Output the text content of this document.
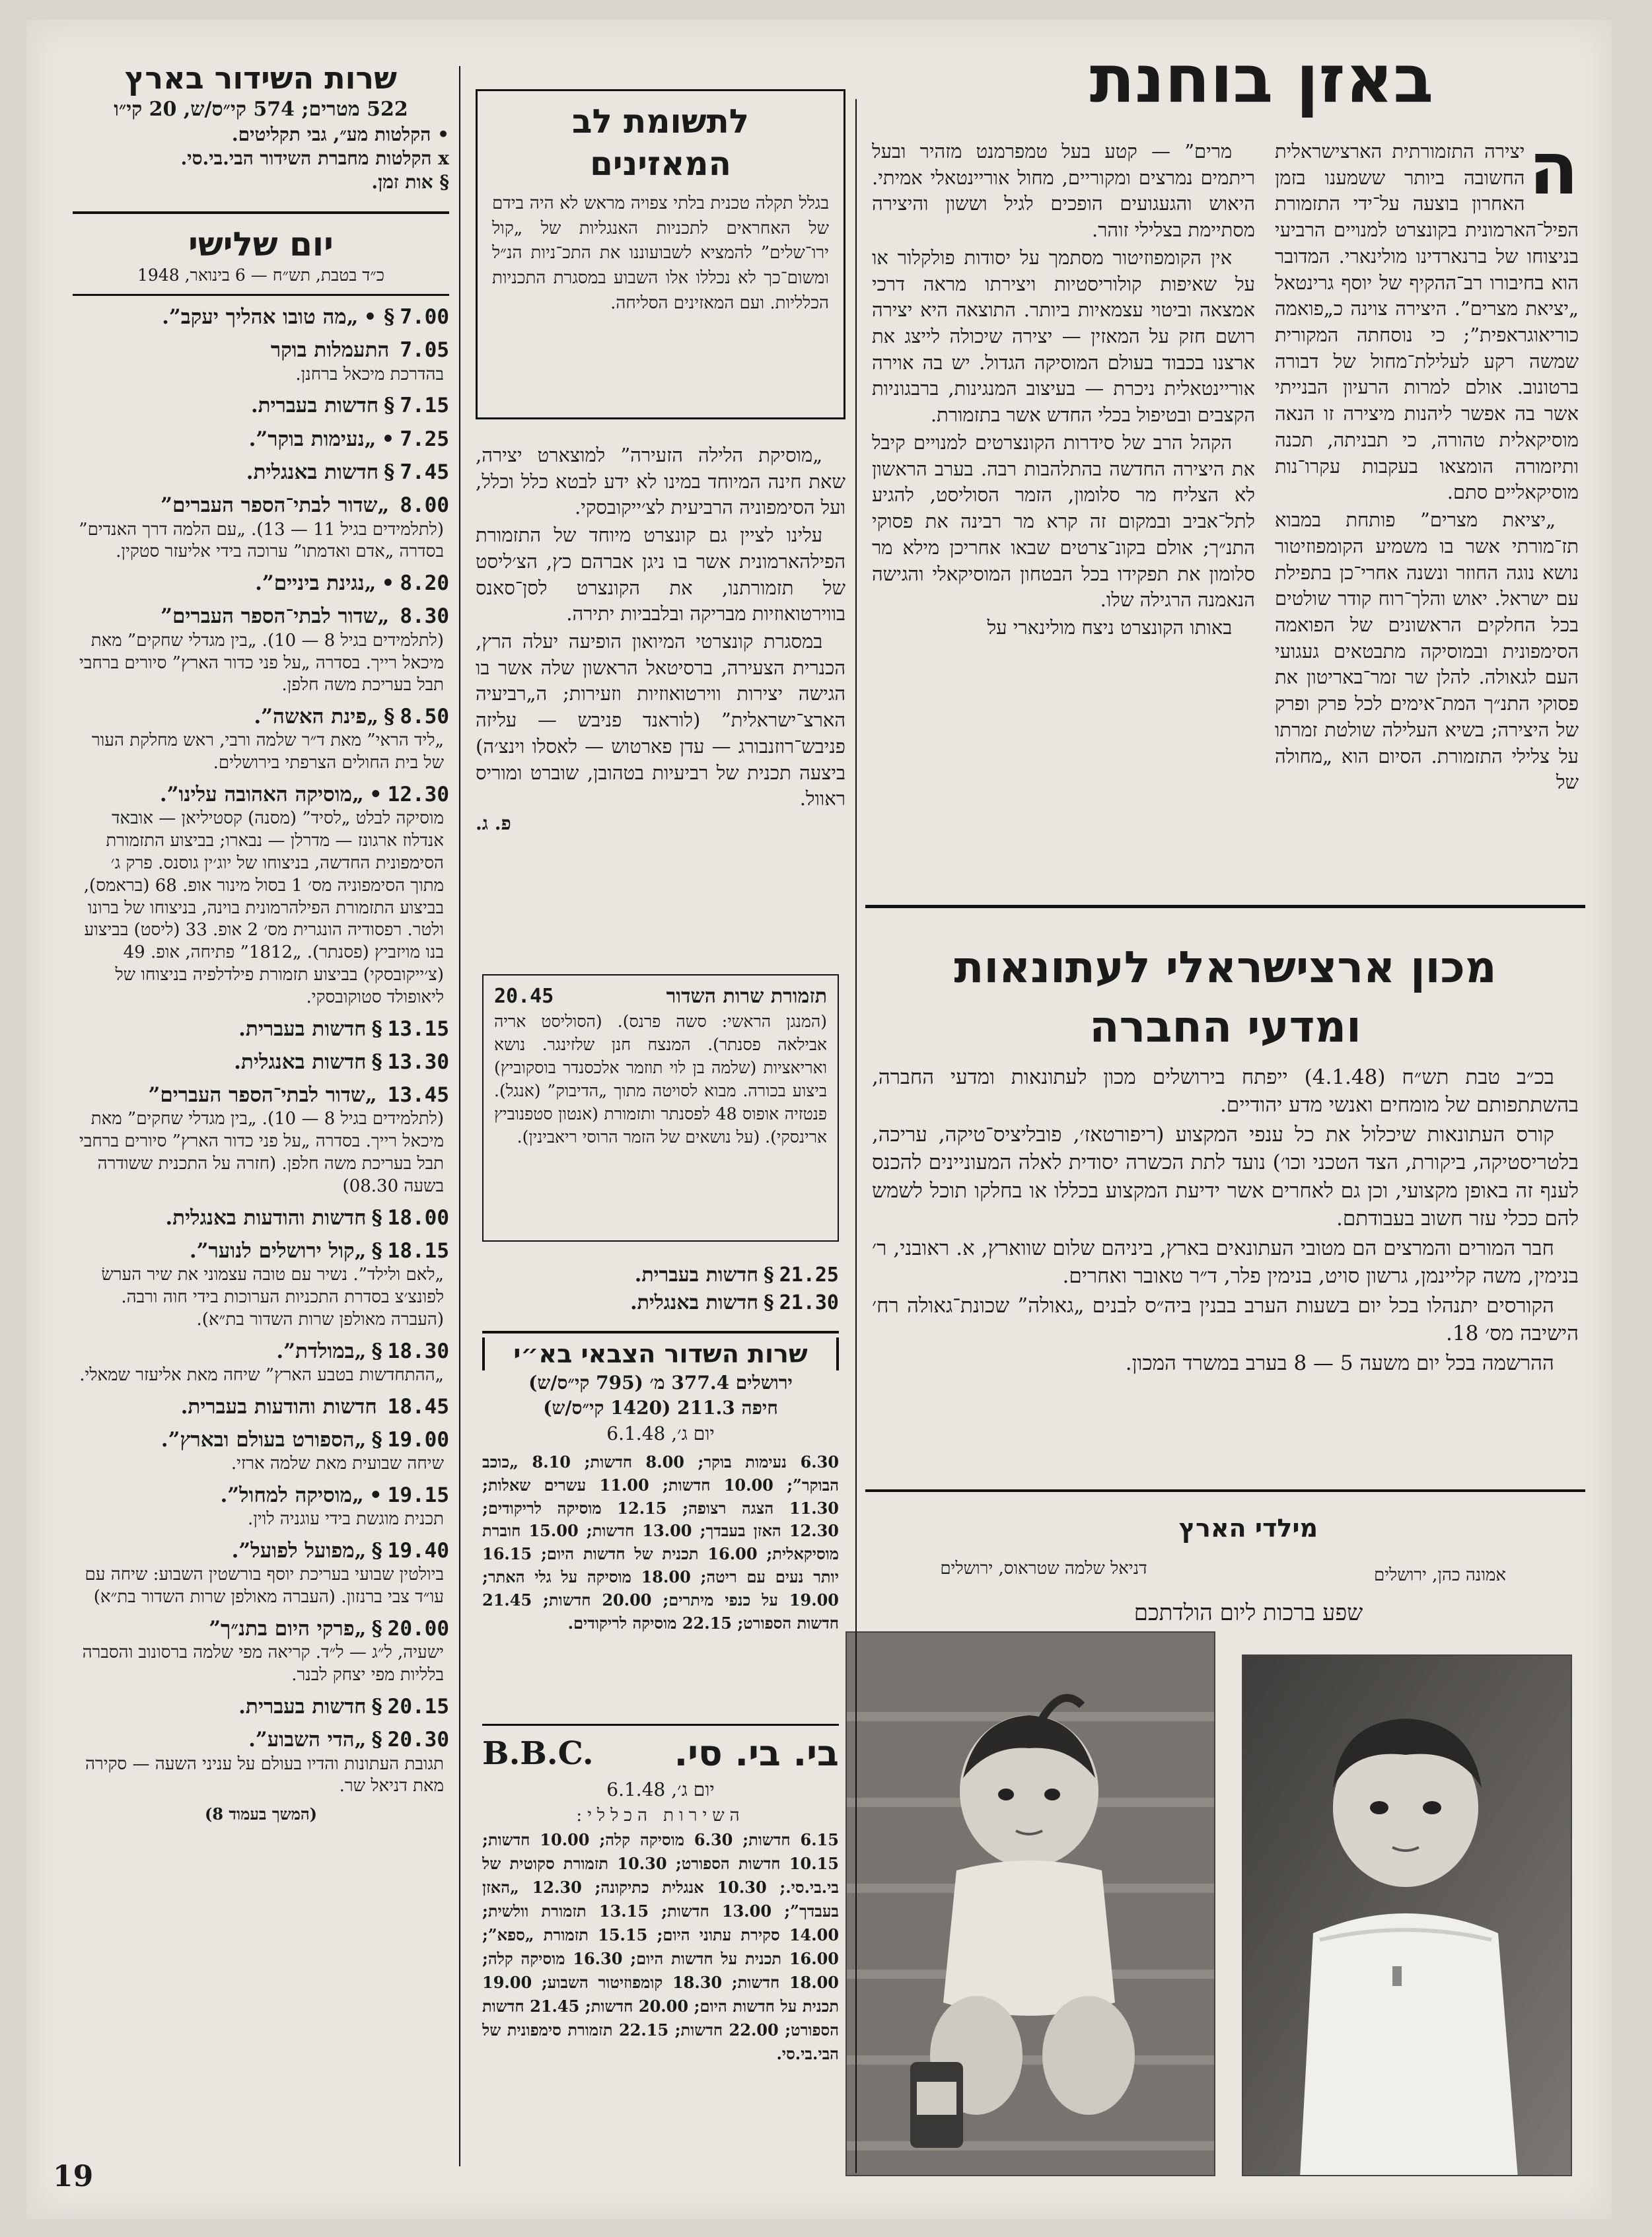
באזן בוחנת
ה
יצירה התזמורתית הארצישראלית החשובה ביותר ששמענו בזמן האחרון בוצעה על־ידי התזמורת הפיל־הארמונית בקונצרט למנויים הרביעי בניצוחו של ברנארדינו מולינארי. המדובר הוא בחיבורו רב־ההקיף של יוסף גרינטאל „יציאת מצרים”. היצירה צוינה כ„פואמה כוריאוגראפית”; כי נוסחתה המקורית שמשה רקע לעלילת־מחול של דבורה ברטונוב. אולם למרות הרעיון הבנייתי אשר בה אפשר ליהנות מיצירה זו הנאה מוסיקאלית טהורה, כי תבניתה, תכנה ותיזמורה הומצאו בעקבות עקרו־נות מוסיקאליים סתם.
„יציאת מצרים” פותחת במבוא תז־מורתי אשר בו משמיע הקומפוזיטור נושא נוגה החוזר ונשנה אחרי־כן בתפילת עם ישראל. יאוש והלך־רוח קודר שולטים בכל החלקים הראשונים של הפואמה הסימפונית ובמוסיקה מתבטאים געגועי העם לגאולה. להלן שר זמר־באריטון את פסוקי התנ״ך המת־אימים לכל פרק ופרק של היצירה; בשיא העלילה שולטת זמרתו על צלילי התזמורת. הסיום הוא „מחולה של
מרים” — קטע בעל טמפרמנט מזהיר ובעל ריתמים נמרצים ומקוריים, מחול אוריינטאלי אמיתי. היאוש והגעגועים הופכים לגיל וששון והיצירה מסתיימת בצלילי זוהר.
אין הקומפוזיטור מסתמך על יסודות פולקלור או על שאיפות קולוריסטיות ויצירתו מראה דרכי אמצאה וביטוי עצמאיות ביותר. התוצאה היא יצירה רושם חזק על המאזין — יצירה שיכולה לייצג את ארצנו בכבוד בעולם המוסיקה הגדול. יש בה אוירה אוריינטאלית ניכרת — בעיצוב המנגינות, ברבגוניות הקצבים ובטיפול בכלי החדש אשר בתזמורת.
הקהל הרב של סידרות הקונצרטים למנויים קיבל את היצירה החדשה בהתלהבות רבה. בערב הראשון לא הצליח מר סלומון, הזמר הסוליסט, להגיע לתל־אביב ובמקום זה קרא מר רבינה את פסוקי התנ״ך; אולם בקונ־צרטים שבאו אחריכן מילא מר סלומון את תפקידו בכל הבטחון המוסיקאלי והגישה הנאמנה הרגילה שלו.
באותו הקונצרט ניצח מולינארי על
לתשומת לב
המאזינים
בגלל תקלה טכנית בלתי צפויה מראש לא היה בידם של האחראים לתכניות האנגליות של „קול ירו־שלים” להמציא לשבועוננו את התכ־ניות הנ״ל ומשום־כך לא נכללו אלו השבוע במסגרת התכניות הכלליות. ועם המאזינים הסליחה.
„מוסיקת הלילה הזעירה” למוצארט יצירה, שאת חינה המיוחד במינו לא ידע לבטא כלל וכלל, ועל הסימפוניה הרביעית לצ׳ייקובסקי.
עלינו לציין גם קונצרט מיוחד של התזמורת הפילהארמונית אשר בו ניגן אברהם כץ, הצ׳ליסט של תזמורתנו, את הקונצרט לסן־סאנס בווירטואוזיות מבריקה ובלבביות יתירה.
במסגרת קונצרטי המיואון הופיעה יעלה הרץ, הכנרית הצעירה, ברסיטאל הראשון שלה אשר בו הגישה יצירות ווירטואוזיות וזעירות; ה„רביעיה הארצ־ישראלית” (לוראנד פניבש — עליזה פניבש־רוזנבורג — עדן פארטוש — לאסלו וינצ׳ה) ביצעה תכנית של רביעיות בטהובן, שוברט ומוריס ראוול.
פ. ג.
מכון ארצישראלי לעתונאות
ומדעי החברה
בכ״ב טבת תש״ח (4.1.48) ייפתח בירושלים מכון לעתונאות ומדעי החברה, בהשתתפותם של מומחים ואנשי מדע יהודיים.
קורס העתונאות שיכלול את כל ענפי המקצוע (ריפורטאז׳, פובליציס־טיקה, עריכה, בלטריסטיקה, ביקורת, הצד הטכני וכו׳) נועד לתת הכשרה יסודית לאלה המעוניינים להכנס לענף זה באופן מקצועי, וכן גם לאחרים אשר ידיעת המקצוע בכללו או בחלקו תוכל לשמש להם ככלי עזר חשוב בעבודתם.
חבר המורים והמרצים הם מטובי העתונאים בארץ, ביניהם שלום שווארץ, א. ראובני, ר׳ בנימין, משה קליינמן, גרשון סויט, בנימין פלר, ד״ר טאובר ואחרים.
הקורסים יתנהלו בכל יום בשעות הערב בבנין ביה״ס לבנים „גאולה” שכונת־גאולה רח׳ הישיבה מס׳ 18.
ההרשמה בכל יום משעה 5 — 8 בערב במשרד המכון.
מילדי הארץ
אמונה כהן, ירושלים
דניאל שלמה שטראוס, ירושלים
שפע ברכות ליום הולדתכם
שרות השידור בארץ
522 מטרים; 574 קי״ס/ש, 20 קי״ו
• הקלטות מע״, גבי תקליטים.
x הקלטות מחברת השידור הבי.בי.סי.
§ אות זמן.
יום שלישי
כ״ד בטבת, תש״ח — 6 בינואר, 1948
7.00§ •„מה טובו אהליך יעקב”.
7.05התעמלות בוקר
בהדרכת מיכאל ברחנן.
7.15§חדשות בעברית.
7.25•„נעימות בוקר”.
7.45§חדשות באנגלית.
8.00„שדור לבתי־הספר העברים”
(לתלמידים בגיל 11 — 13). „עם הלמה דרך האנדים” בסדרה „אדם ואדמתו” ערוכה בידי אליעזר סטקין.
8.20•„נגינת ביניים”.
8.30„שדור לבתי־הספר העברים”
(לתלמידים בגיל 8 — 10). „בין מגדלי שחקים” מאת מיכאל רייך. בסדרה „על פני כדור הארץ” סיורים ברחבי תבל בעריכת משה חלפן.
8.50§„פינת האשה”.
„ליד הראי” מאת ד״ר שלמה ורבי, ראש מחלקת העור של בית החולים הצרפתי בירושלים.
12.30•„מוסיקה האהובה עלינו”.
מוסיקה לבלט „לסיד” (מסנה) קסטיליאן — אובאד אנדלוז ארגונז — מדרלן — נבארו; בביצוע התזמורת הסימפונית החדשה, בניצוחו של יוג׳ין גוסנס. פרק ג׳ מתוך הסימפוניה מס׳ 1 בסול מינור אופ. 68 (בראמס), בביצוע התזמורת הפילהרמונית בוינה, בניצוחו של ברונו ולטר. רפסודיה הונגרית מס׳ 2 אופ. 33 (ליסט) בביצוע בנו מויזביץ (פסנתר). „1812” פתיחה, אופ. 49 (צ׳ייקובסקי) בביצוע תזמורת פילדלפיה בניצוחו של ליאופולד סטוקובסקי.
13.15§חדשות בעברית.
13.30§חדשות באנגלית.
13.45„שדור לבתי־הספר העברים”
(לתלמידים בגיל 8 — 10). „בין מגדלי שחקים” מאת מיכאל רייך. בסדרה „על פני כדור הארץ” סיורים ברחבי תבל בעריכת משה חלפן. (חזרה על התכנית ששודרה בשעה 08.30)
18.00§חדשות והודעות באנגלית.
18.15§„קול ירושלים לנוער”.
„לאם ולילד”. נשיר עם טובה עצמוני את שיר הערשׂ לפונצ׳צ בסדרת התכניות הערוכות בידי חוה ורבה. (העברה מאולפן שרות השדור בת״א).
18.30§„במולדת”.
„ההתחדשות בטבע הארץ” שיחה מאת אליעזר שמאלי.
18.45חדשות והודעות בעברית.
19.00§„הספורט בעולם ובארץ”.
שיחה שבועית מאת שלמה ארזי.
19.15•„מוסיקה למחול”.
תכנית מוגשת בידי עוגניה לוין.
19.40§„מפועל לפועל”.
ביולטין שבועי בעריכת יוסף בורשטין השבוע: שיחה עם עו״ד צבי ברנזון. (העברה מאולפן שרות השדור בת״א)
20.00§„פרקי היום בתנ״ך”
ישעיה, ל״ג — ל״ד. קריאה מפי שלמה ברסונוב והסברה בלליות מפי יצחק לבנר.
20.15§חדשות בעברית.
20.30§„הדי השבוע”.
תגובת העתונות והדיו בעולם על עניני השעה — סקירה מאת דניאל שר.
(המשך בעמוד 8)
20.45	תזמורת שרות השדור
(המנגן הראשי: סשה פרנס). (הסוליסט אריה אבילאה פסנתר). המנצח חנן שלזינגר. נושא ואריאציות (שלמה בן לוי תוזמר אלכסנדר בוסקוביץ) ביצוע בכורה. מבוא לסויטה מתוך „הדיבוק” (אנגל). פנטזיה אופוס 48 לפסנתר ותזמורת (אנטון סטפנוביץ ארינסקי). (על נושאים של הזמר הרוסי ריאבינין).
21.25§חדשות בעברית.
21.30§חדשות באנגלית.
שרות השדור הצבאי בא״י
ירושלים 377.4 מ׳ (795 קי״ס/ש)
חיפה 211.3 (1420 קי״ס/ש)
יום ג׳, 6.1.48
6.30 נעימות בוקר; 8.00 חדשות; 8.10 „כוכב הבוקר”; 10.00 חדשות; 11.00 עשרים שאלות; 11.30 הצגה רצופה; 12.15 מוסיקה לריקודים; 12.30 האזן בעבדך; 13.00 חדשות; 15.00 חוברת מוסיקאלית; 16.00 תכנית של חדשות היום; 16.15 יותר נעים עם ריטה; 18.00 מוסיקה על גלי האתר; 19.00 על כנפי מיתרים; 20.00 חדשות; 21.45 חדשות הספורט; 22.15 מוסיקה לריקודים.
בי. בי. סי.
B.B.C.
יום ג׳, 6.1.48
השירות הכללי:
6.15 חדשות; 6.30 מוסיקה קלה; 10.00 חדשות; 10.15 חדשות הספורט; 10.30 תזמורת סקוטית של בי.בי.סי.; 10.30 אנגלית כתיקונה; 12.30 „האזן בעבדך”; 13.00 חדשות; 13.15 תזמורת וולשית; 14.00 סקירת עתוני היום; 15.15 תזמורת „ספא”; 16.00 תכנית על חדשות היום; 16.30 מוסיקה קלה; 18.00 חדשות; 18.30 קומפוזיטור השבוע; 19.00 תכנית על חדשות היום; 20.00 חדשות; 21.45 חדשות הספורט; 22.00 חדשות; 22.15 תזמורת סימפונית של הבי.בי.סי.
19
